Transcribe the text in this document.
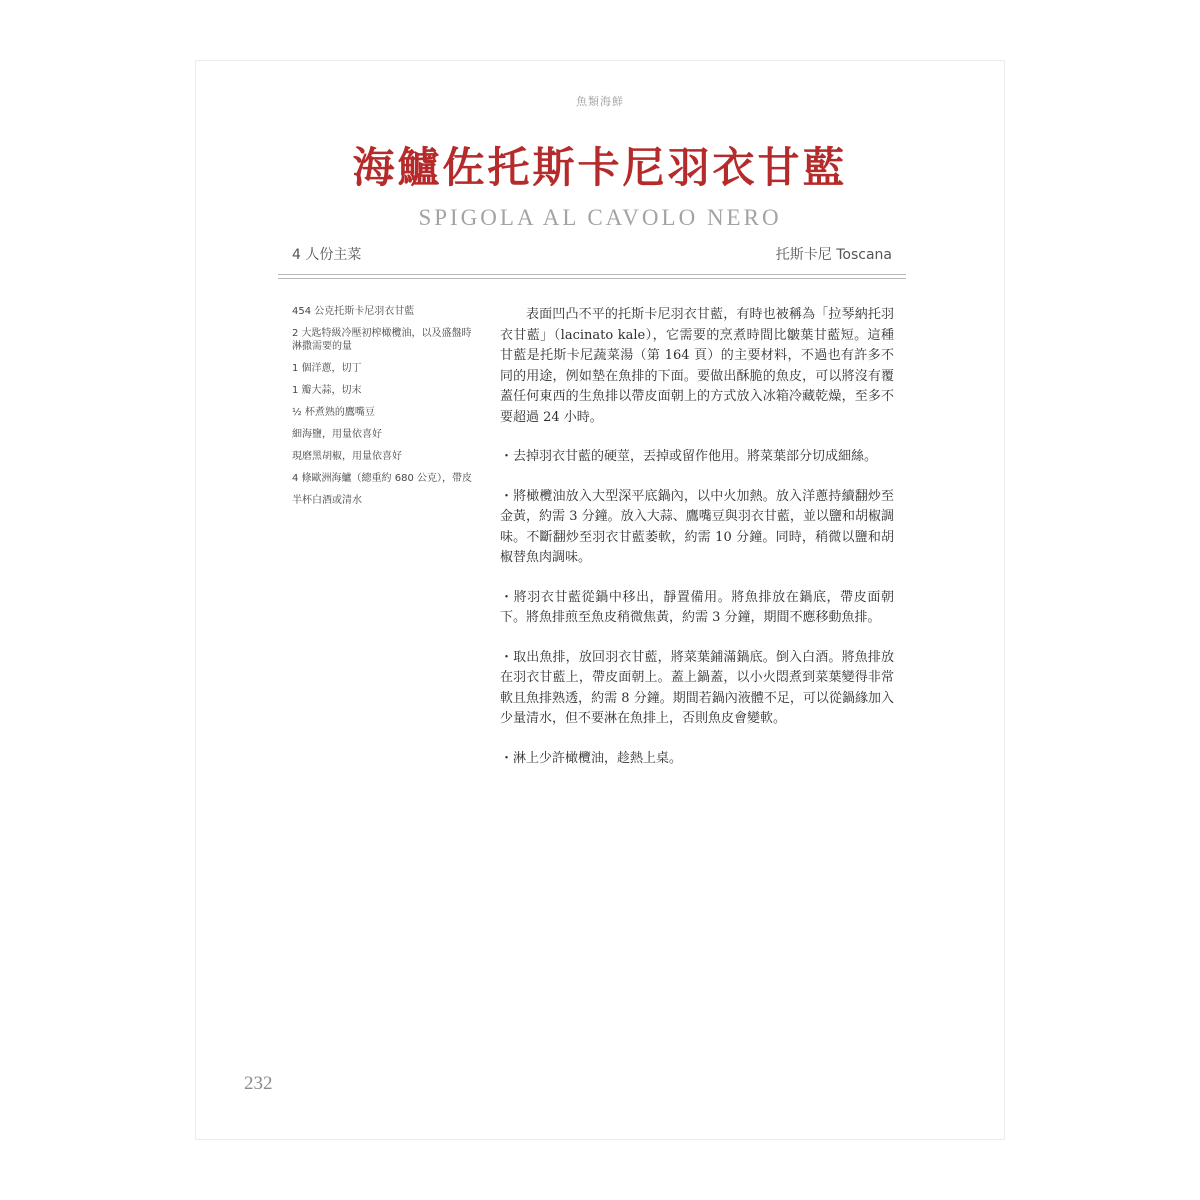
魚類海鮮
海鱸佐托斯卡尼羽衣甘藍
SPIGOLA AL CAVOLO NERO
4 人份主菜	托斯卡尼 Toscana
454 公克托斯卡尼羽衣甘藍
2 大匙特級冷壓初榨橄欖油，以及盛盤時淋撒需要的量
1 個洋蔥，切丁
1 瓣大蒜，切末
½ 杯煮熟的鷹嘴豆
細海鹽，用量依喜好
現磨黑胡椒，用量依喜好
4 條歐洲海鱸（總重約 680 公克），帶皮
半杯白酒或清水

表面凹凸不平的托斯卡尼羽衣甘藍，有時也被稱為「拉琴納托羽衣甘藍」（lacinato kale），它需要的烹煮時間比皺葉甘藍短。這種甘藍是托斯卡尼蔬菜湯（第 164 頁）的主要材料，不過也有許多不同的用途，例如墊在魚排的下面。要做出酥脆的魚皮，可以將沒有覆蓋任何東西的生魚排以帶皮面朝上的方式放入冰箱冷藏乾燥，至多不要超過 24 小時。

・去掉羽衣甘藍的硬莖，丟掉或留作他用。將菜葉部分切成細絲。

・將橄欖油放入大型深平底鍋內，以中火加熱。放入洋蔥持續翻炒至金黃，約需 3 分鐘。放入大蒜、鷹嘴豆與羽衣甘藍，並以鹽和胡椒調味。不斷翻炒至羽衣甘藍萎軟，約需 10 分鐘。同時，稍微以鹽和胡椒替魚肉調味。

・將羽衣甘藍從鍋中移出，靜置備用。將魚排放在鍋底，帶皮面朝下。將魚排煎至魚皮稍微焦黃，約需 3 分鐘，期間不應移動魚排。

・取出魚排，放回羽衣甘藍，將菜葉鋪滿鍋底。倒入白酒。將魚排放在羽衣甘藍上，帶皮面朝上。蓋上鍋蓋，以小火悶煮到菜葉變得非常軟且魚排熟透，約需 8 分鐘。期間若鍋內液體不足，可以從鍋緣加入少量清水，但不要淋在魚排上，否則魚皮會變軟。

・淋上少許橄欖油，趁熱上桌。

232
